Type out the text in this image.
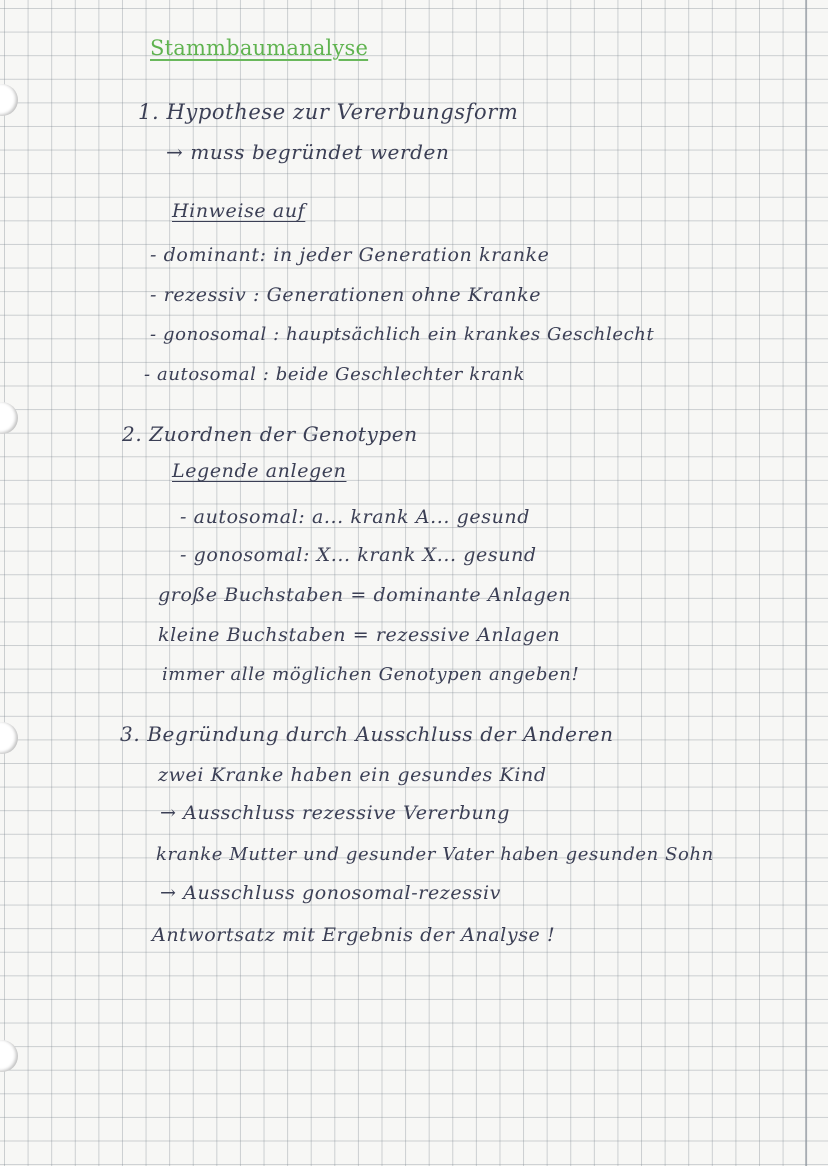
Stammbaumanalyse
1. Hypothese zur Vererbungsform
→ muss begründet werden
Hinweise auf
- dominant: in jeder Generation kranke
- rezessiv : Generationen ohne Kranke
- gonosomal : hauptsächlich ein krankes Geschlecht
- autosomal : beide Geschlechter krank
2. Zuordnen der Genotypen
Legende anlegen
- autosomal: a... krank A... gesund
- gonosomal: X... krank X... gesund
große Buchstaben = dominante Anlagen
kleine Buchstaben = rezessive Anlagen
immer alle möglichen Genotypen angeben!
3. Begründung durch Ausschluss der Anderen
zwei Kranke haben ein gesundes Kind
→ Ausschluss rezessive Vererbung
kranke Mutter und gesunder Vater haben gesunden Sohn
→ Ausschluss gonosomal-rezessiv
Antwortsatz mit Ergebnis der Analyse !
